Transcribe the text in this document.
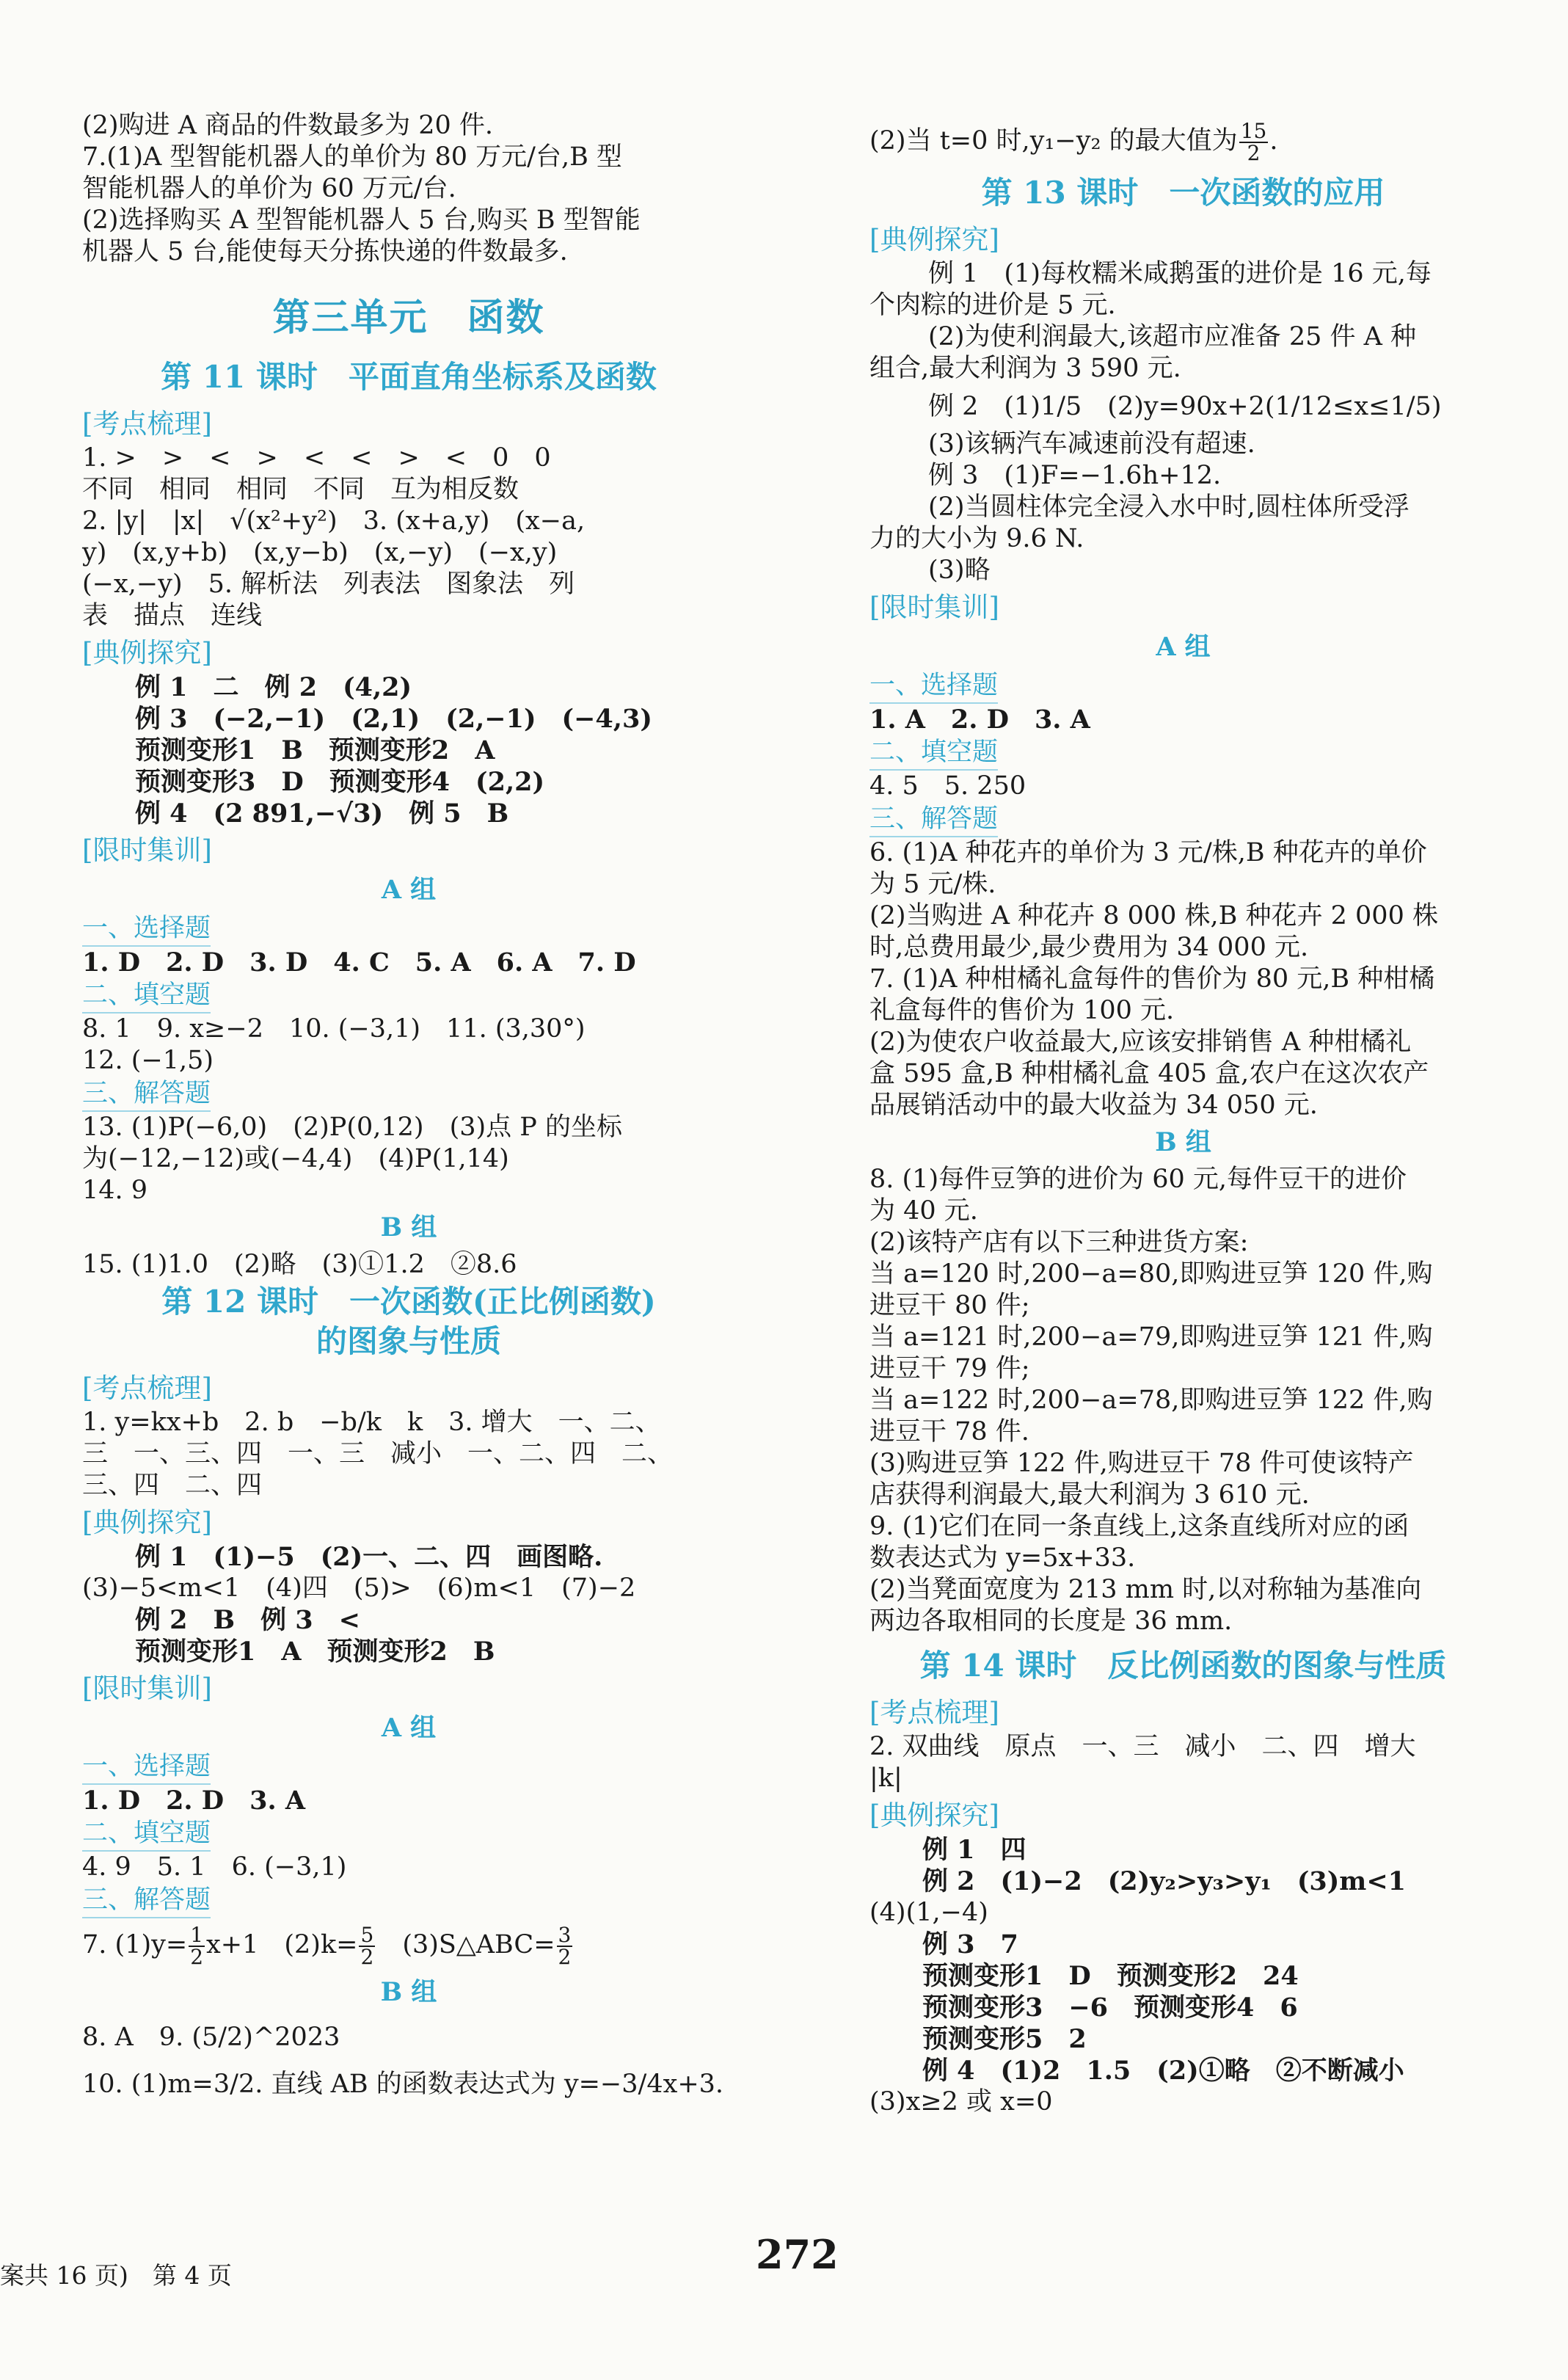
(2)购进 A 商品的件数最多为 20 件.
7.(1)A 型智能机器人的单价为 80 万元/台,B 型
智能机器人的单价为 60 万元/台.
(2)选择购买 A 型智能机器人 5 台,购买 B 型智能
机器人 5 台,能使每天分拣快递的件数最多.
第三单元　函数
第 11 课时　平面直角坐标系及函数
[考点梳理]
1. >　>　<　>　<　<　>　<　0　0
不同　相同　相同　不同　互为相反数
2. |y|　|x|　√(x²+y²)　3. (x+a,y)　(x−a,
y)　(x,y+b)　(x,y−b)　(x,−y)　(−x,y)
(−x,−y)　5. 解析法　列表法　图象法　列
表　描点　连线
[典例探究]
例 1　二　例 2　(4,2)
例 3　(−2,−1)　(2,1)　(2,−1)　(−4,3)
预测变形1　B　预测变形2　A
预测变形3　D　预测变形4　(2,2)
例 4　(2 891,−√3)　例 5　B
[限时集训]
A 组
一、选择题
1. D　2. D　3. D　4. C　5. A　6. A　7. D
二、填空题
8. 1　9. x≥−2　10. (−3,1)　11. (3,30°)
12. (−1,5)
三、解答题
13. (1)P(−6,0)　(2)P(0,12)　(3)点 P 的坐标
为(−12,−12)或(−4,4)　(4)P(1,14)
14. 9
B 组
15. (1)1.0　(2)略　(3)①1.2　②8.6
第 12 课时　一次函数(正比例函数)
的图象与性质
[考点梳理]
1. y=kx+b　2. b　−b/k　k　3. 增大　一、二、
三　一、三、四　一、三　减小　一、二、四　二、
三、四　二、四
[典例探究]
例 1　(1)−5　(2)一、二、四　画图略.
(3)−5<m<1　(4)四　(5)>　(6)m<1　(7)−2
例 2　B　例 3　<
预测变形1　A　预测变形2　B
[限时集训]
A 组
一、选择题
1. D　2. D　3. A
二、填空题
4. 9　5. 1　6. (−3,1)
三、解答题
7. $(1)y= \frac{1}{2} x+1$　$(2)k= \frac{5}{2}$ 　(3)S△ABC= $\frac{3}{2}$
B 组
8. A　9. (5/2)^2023
10. (1)m=3/2. 直线 AB 的函数表达式为 y=−3/4x+3.
案共 16 页)　第 4 页	272
(2)当 t=0 时,y₁−y₂ 的最大值为 $\frac{15}{2}$ .
第 13 课时　一次函数的应用
[典例探究]
例 1　(1)每枚糯米咸鹅蛋的进价是 16 元,每
个肉粽的进价是 5 元.
(2)为使利润最大,该超市应准备 25 件 A 种
组合,最大利润为 3 590 元.
例 2　(1)1/5　(2)y=90x+2(1/12≤x≤1/5)
(3)该辆汽车减速前没有超速.
例 3　(1)F=−1.6h+12.
(2)当圆柱体完全浸入水中时,圆柱体所受浮
力的大小为 9.6 N.
(3)略
[限时集训]
A 组
一、选择题
1. A　2. D　3. A
二、填空题
4. 5　5. 250
三、解答题
6. (1)A 种花卉的单价为 3 元/株,B 种花卉的单价
为 5 元/株.
(2)当购进 A 种花卉 8 000 株,B 种花卉 2 000 株
时,总费用最少,最少费用为 34 000 元.
7. (1)A 种柑橘礼盒每件的售价为 80 元,B 种柑橘
礼盒每件的售价为 100 元.
(2)为使农户收益最大,应该安排销售 A 种柑橘礼
盒 595 盒,B 种柑橘礼盒 405 盒,农户在这次农产
品展销活动中的最大收益为 34 050 元.
B 组
8. (1)每件豆笋的进价为 60 元,每件豆干的进价
为 40 元.
(2)该特产店有以下三种进货方案:
当 a=120 时,200−a=80,即购进豆笋 120 件,购
进豆干 80 件;
当 a=121 时,200−a=79,即购进豆笋 121 件,购
进豆干 79 件;
当 a=122 时,200−a=78,即购进豆笋 122 件,购
进豆干 78 件.
(3)购进豆笋 122 件,购进豆干 78 件可使该特产
店获得利润最大,最大利润为 3 610 元.
9. (1)它们在同一条直线上,这条直线所对应的函
数表达式为 y=5x+33.
(2)当凳面宽度为 213 mm 时,以对称轴为基准向
两边各取相同的长度是 36 mm.
第 14 课时　反比例函数的图象与性质
[考点梳理]
2. 双曲线　原点　一、三　减小　二、四　增大
|k|
[典例探究]
例 1　四
例 2　(1)−2　(2)y₂>y₃>y₁　(3)m<1
(4)(1,−4)
例 3　7
预测变形1　D　预测变形2　24
预测变形3　−6　预测变形4　6
预测变形5　2
例 4　(1)2　1.5　(2)①略　②不断减小
(3)x≥2 或 x=0
